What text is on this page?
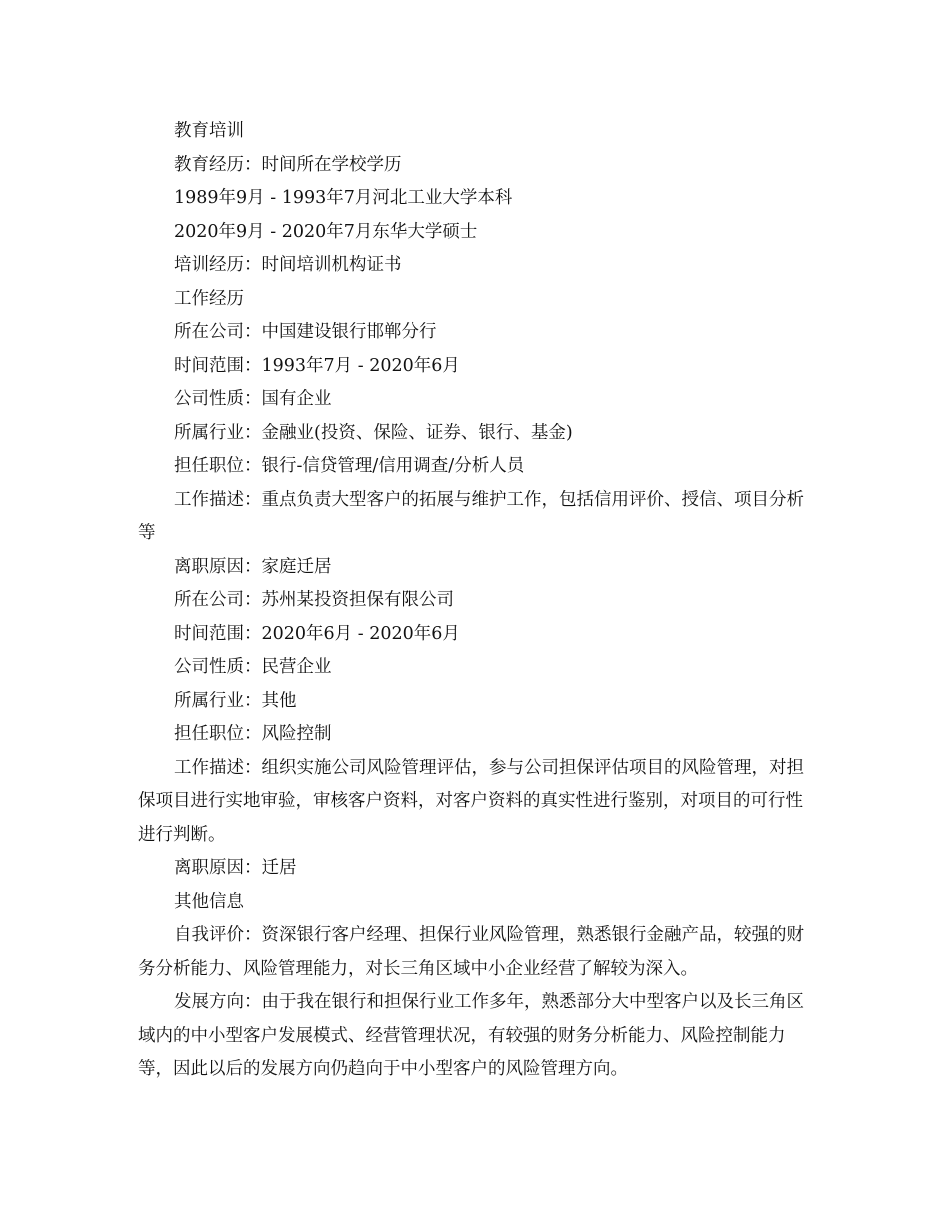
教育培训

教育经历：时间所在学校学历

1989年9月 - 1993年7月河北工业大学本科

2020年9月 - 2020年7月东华大学硕士

培训经历：时间培训机构证书

工作经历

所在公司：中国建设银行邯郸分行

时间范围：1993年7月 - 2020年6月

公司性质：国有企业

所属行业：金融业(投资、保险、证券、银行、基金)

担任职位：银行-信贷管理/信用调查/分析人员

工作描述：重点负责大型客户的拓展与维护工作，包括信用评价、授信、项目分析等

离职原因：家庭迁居

所在公司：苏州某投资担保有限公司

时间范围：2020年6月 - 2020年6月

公司性质：民营企业

所属行业：其他

担任职位：风险控制

工作描述：组织实施公司风险管理评估，参与公司担保评估项目的风险管理，对担保项目进行实地审验，审核客户资料，对客户资料的真实性进行鉴别，对项目的可行性进行判断。

离职原因：迁居

其他信息

自我评价：资深银行客户经理、担保行业风险管理，熟悉银行金融产品，较强的财务分析能力、风险管理能力，对长三角区域中小企业经营了解较为深入。

发展方向：由于我在银行和担保行业工作多年，熟悉部分大中型客户以及长三角区域内的中小型客户发展模式、经营管理状况，有较强的财务分析能力、风险控制能力等，因此以后的发展方向仍趋向于中小型客户的风险管理方向。
